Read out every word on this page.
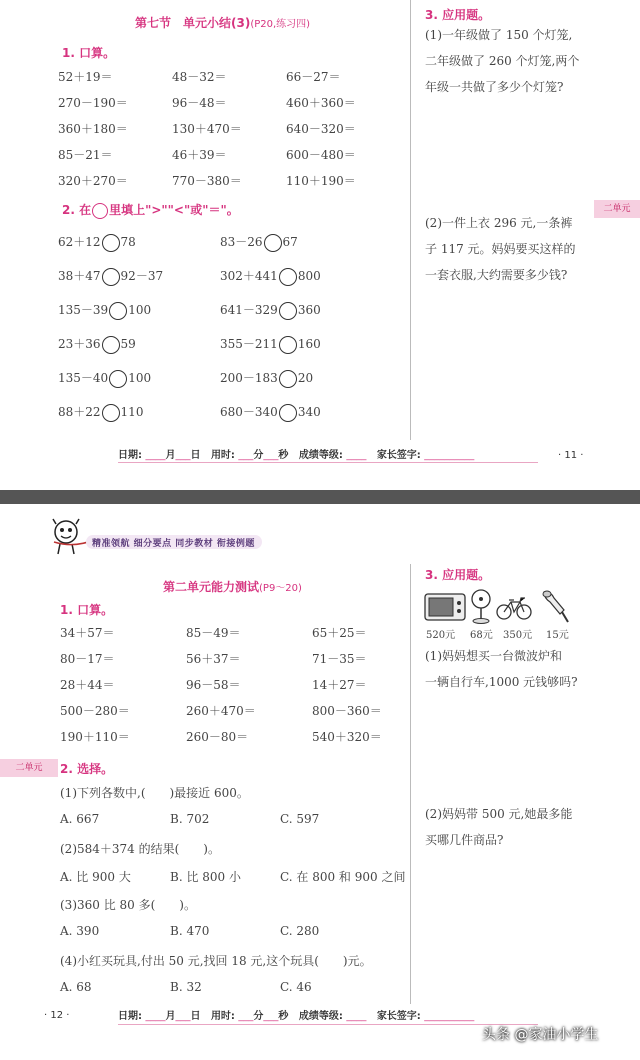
第七节　单元小结(3)(P20,练习四)
1. 口算。
52＋19＝	48－32＝	66－27＝
270－190＝	96－48＝	460＋360＝
360＋180＝	130＋470＝	640－320＝
85－21＝	46＋39＝	600－480＝
320＋270＝	770－380＝	110＋190＝
2. 在 里填上">""<"或"＝"。
62＋12 78	83－26 67
38＋47 92－37	302＋441 800
135－39 100	641－329 360
23＋36 59	355－211 160
135－40 100	200－183 20
88＋22 110	680－340 340
3. 应用题。
(1)一年级做了 150 个灯笼,
二年级做了 260 个灯笼,两个
年级一共做了多少个灯笼?
(2)一件上衣 296 元,一条裤
子 117 元。妈妈要买这样的
一套衣服,大约需要多少钱?
二单元
日期: ____月___日 用时: ___分___秒 成绩等级: ____ 家长签字: __________	· 11 ·
精准领航 细分要点 同步教材 衔接例题
第二单元能力测试(P9～20)
1. 口算。
34＋57＝	85－49＝	65＋25＝
80－17＝	56＋37＝	71－35＝
28＋44＝	96－58＝	14＋27＝
500－280＝	260＋470＝	800－360＝
190＋110＝	260－80＝	540＋320＝
二单元	2. 选择。
(1)下列各数中,(　　)最接近 600。
A. 667	B. 702	C. 597
(2)584＋374 的结果(　　)。
A. 比 900 大	B. 比 800 小	C. 在 800 和 900 之间
(3)360 比 80 多(　　)。
A. 390	B. 470	C. 280
(4)小红买玩具,付出 50 元,找回 18 元,这个玩具(　　)元。
A. 68	B. 32	C. 46
3. 应用题。
520元 68元 350元 15元
(1)妈妈想买一台微波炉和
一辆自行车,1000 元钱够吗?
(2)妈妈带 500 元,她最多能
买哪几件商品?
· 12 ·	日期: ____月___日 用时: ___分___秒 成绩等级: ____ 家长签字: __________
头条 @家油小学生
